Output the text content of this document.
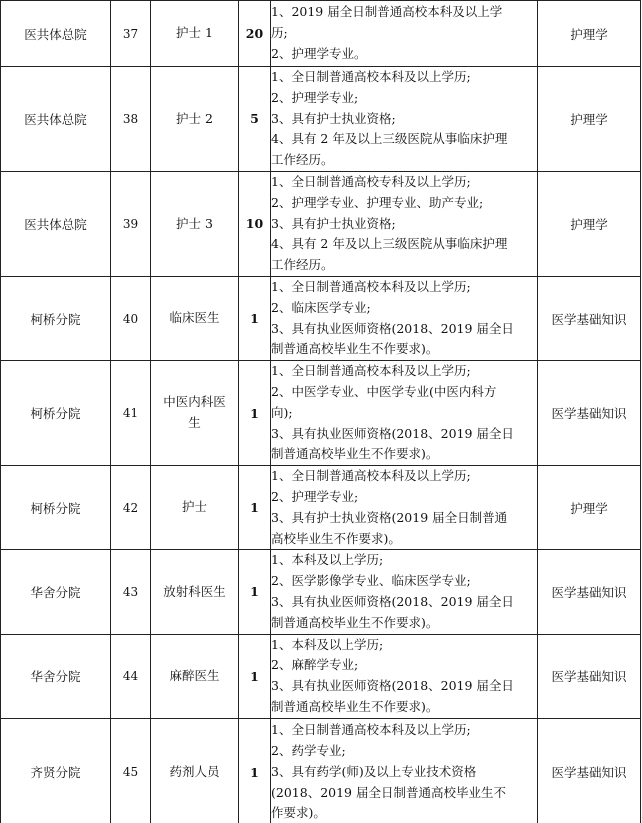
医共体总院	37	护士 1	20	1、2019 届全日制普通高校本科及以上学
历;
2、护理学专业。	护理学
医共体总院	38	护士 2	5	1、全日制普通高校本科及以上学历;
2、护理学专业;
3、具有护士执业资格;
4、具有 2 年及以上三级医院从事临床护理
工作经历。	护理学
医共体总院	39	护士 3	10	1、全日制普通高校专科及以上学历;
2、护理学专业、护理专业、助产专业;
3、具有护士执业资格;
4、具有 2 年及以上三级医院从事临床护理
工作经历。	护理学
柯桥分院	40	临床医生	1	1、全日制普通高校本科及以上学历;
2、临床医学专业;
3、具有执业医师资格(2018、2019 届全日
制普通高校毕业生不作要求)。	医学基础知识
柯桥分院	41	中医内科医
生	1	1、全日制普通高校本科及以上学历;
2、中医学专业、中医学专业(中医内科方
向);
3、具有执业医师资格(2018、2019 届全日
制普通高校毕业生不作要求)。	医学基础知识
柯桥分院	42	护士	1	1、全日制普通高校本科及以上学历;
2、护理学专业;
3、具有护士执业资格(2019 届全日制普通
高校毕业生不作要求)。	护理学
华舍分院	43	放射科医生	1	1、本科及以上学历;
2、医学影像学专业、临床医学专业;
3、具有执业医师资格(2018、2019 届全日
制普通高校毕业生不作要求)。	医学基础知识
华舍分院	44	麻醉医生	1	1、本科及以上学历;
2、麻醉学专业;
3、具有执业医师资格(2018、2019 届全日
制普通高校毕业生不作要求)。	医学基础知识
齐贤分院	45	药剂人员	1	1、全日制普通高校本科及以上学历;
2、药学专业;
3、具有药学(师)及以上专业技术资格
(2018、2019 届全日制普通高校毕业生不
作要求)。	医学基础知识
